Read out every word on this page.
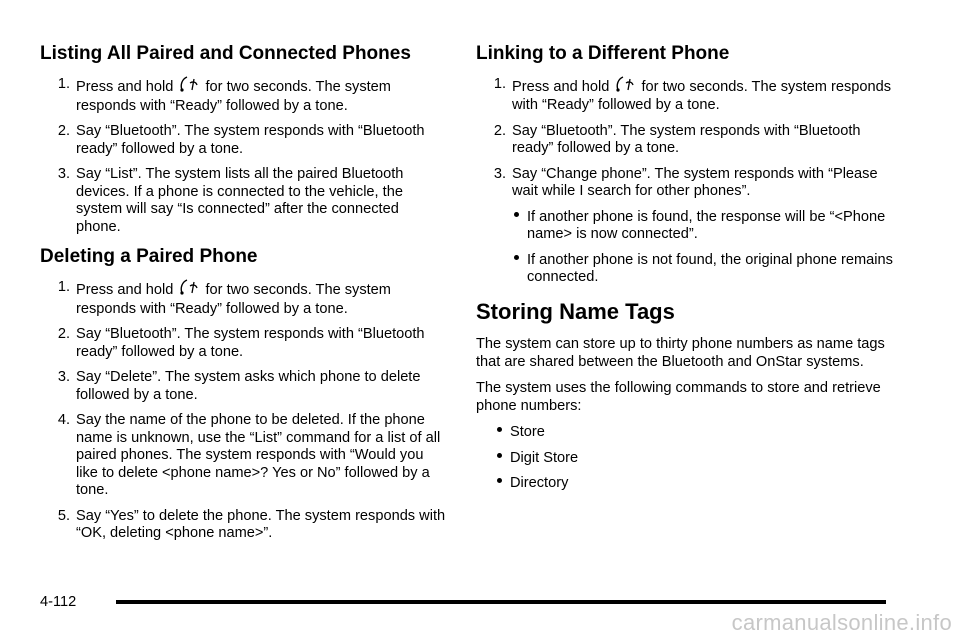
Listing All Paired and Connected Phones
1. Press and hold for two seconds. The system responds with “Ready” followed by a tone.
2. Say “Bluetooth”. The system responds with “Bluetooth ready” followed by a tone.
3. Say “List”. The system lists all the paired Bluetooth devices. If a phone is connected to the vehicle, the system will say “Is connected” after the connected phone.
Deleting a Paired Phone
1. Press and hold for two seconds. The system responds with “Ready” followed by a tone.
2. Say “Bluetooth”. The system responds with “Bluetooth ready” followed by a tone.
3. Say “Delete”. The system asks which phone to delete followed by a tone.
4. Say the name of the phone to be deleted. If the phone name is unknown, use the “List” command for a list of all paired phones. The system responds with “Would you like to delete <phone name>? Yes or No” followed by a tone.
5. Say “Yes” to delete the phone. The system responds with “OK, deleting <phone name>”.
Linking to a Different Phone
1. Press and hold for two seconds. The system responds with “Ready” followed by a tone.
2. Say “Bluetooth”. The system responds with “Bluetooth ready” followed by a tone.
3. Say “Change phone”. The system responds with “Please wait while I search for other phones”.
If another phone is found, the response will be “<Phone name> is now connected”.
If another phone is not found, the original phone remains connected.
Storing Name Tags

The system can store up to thirty phone numbers as name tags that are shared between the Bluetooth and OnStar systems.

The system uses the following commands to store and retrieve phone numbers:

Store
Digit Store
Directory
4-112
carmanualsonline.info
